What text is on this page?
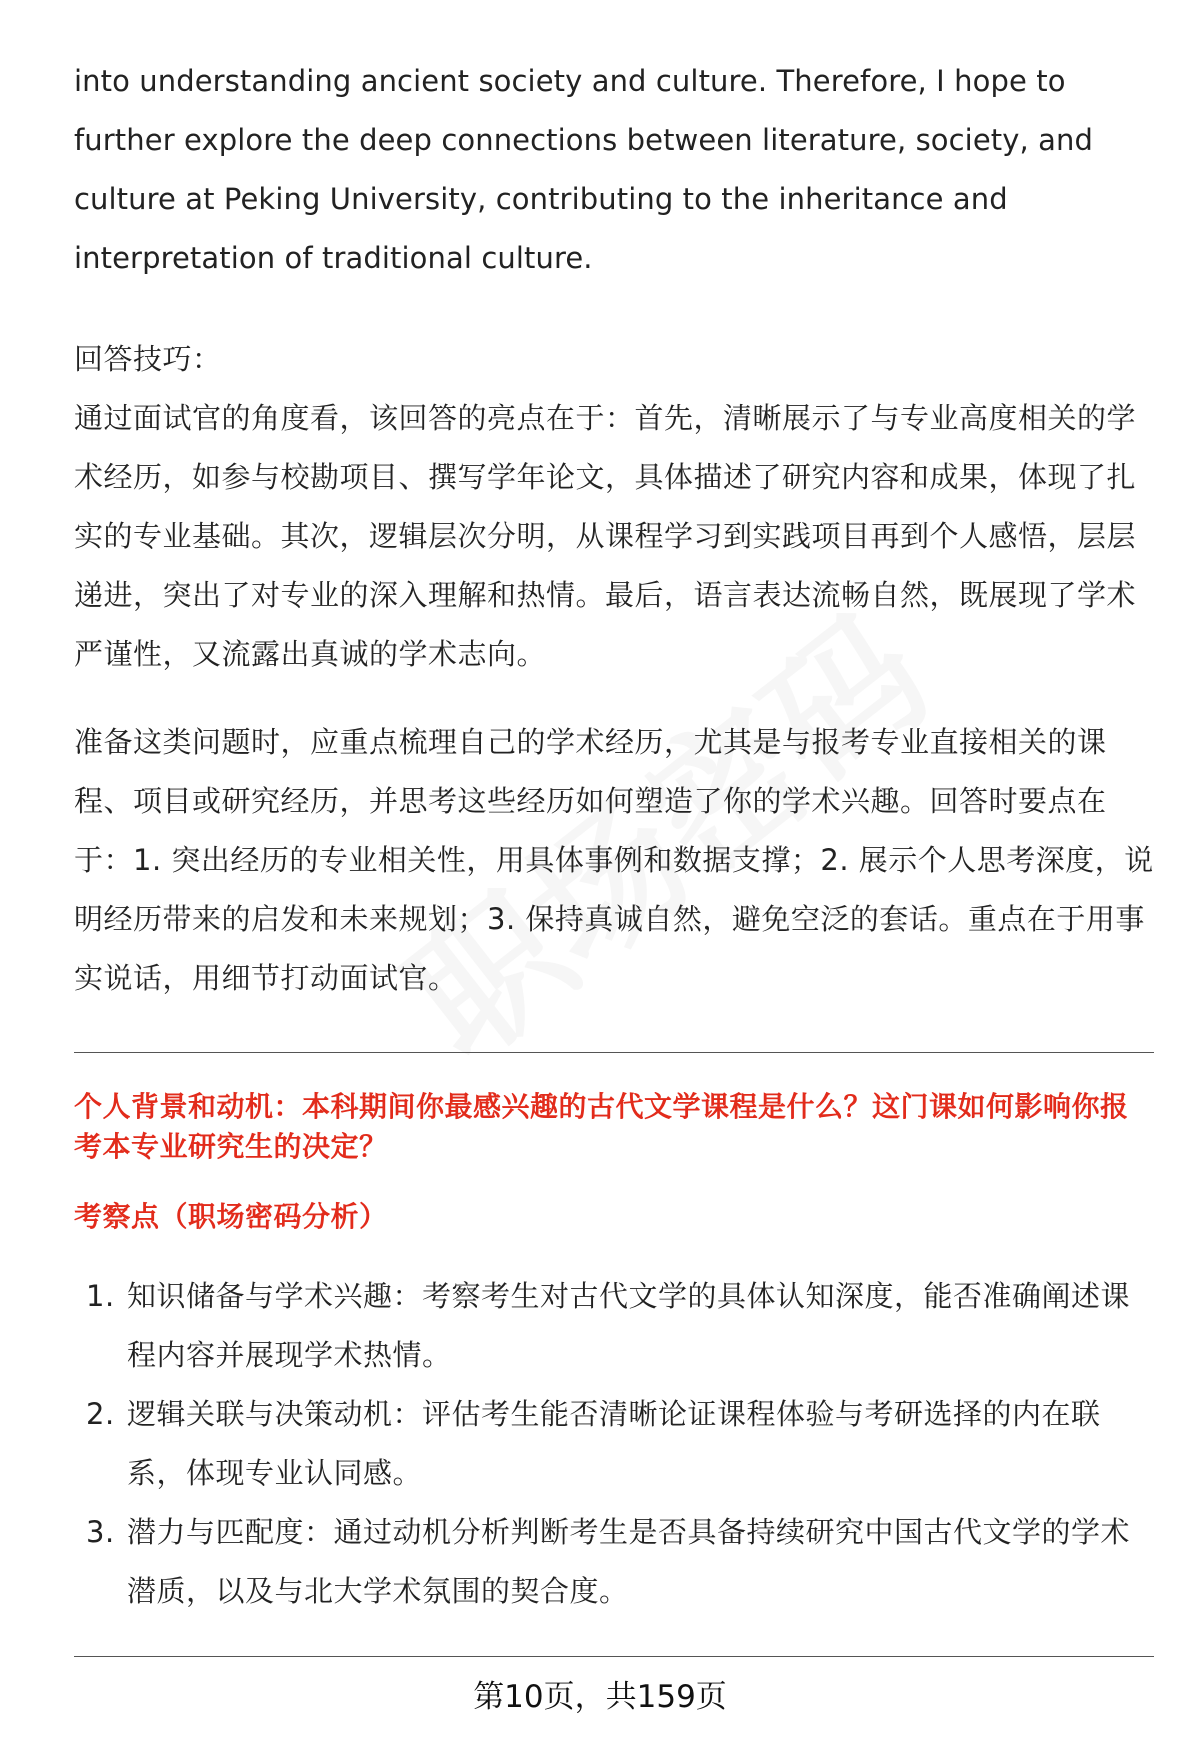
into understanding ancient society and culture. Therefore, I hope to further explore the deep connections between literature, society, and culture at Peking University, contributing to the inheritance and interpretation of traditional culture.

回答技巧：

通过面试官的角度看，该回答的亮点在于：首先，清晰展示了与专业高度相关的学术经历，如参与校勘项目、撰写学年论文，具体描述了研究内容和成果，体现了扎实的专业基础。其次，逻辑层次分明，从课程学习到实践项目再到个人感悟，层层递进，突出了对专业的深入理解和热情。最后，语言表达流畅自然，既展现了学术严谨性，又流露出真诚的学术志向。

准备这类问题时，应重点梳理自己的学术经历，尤其是与报考专业直接相关的课程、项目或研究经历，并思考这些经历如何塑造了你的学术兴趣。回答时要点在于：1. 突出经历的专业相关性，用具体事例和数据支撑；2. 展示个人思考深度，说明经历带来的启发和未来规划；3. 保持真诚自然，避免空泛的套话。重点在于用事实说话，用细节打动面试官。

个人背景和动机：本科期间你最感兴趣的古代文学课程是什么？这门课如何影响你报考本专业研究生的决定？
考察点（职场密码分析）
1. 知识储备与学术兴趣：考察考生对古代文学的具体认知深度，能否准确阐述课程内容并展现学术热情。
2. 逻辑关联与决策动机：评估考生能否清晰论证课程体验与考研选择的内在联系，体现专业认同感。
3. 潜力与匹配度：通过动机分析判断考生是否具备持续研究中国古代文学的学术潜质，以及与北大学术氛围的契合度。
第10页，共159页
